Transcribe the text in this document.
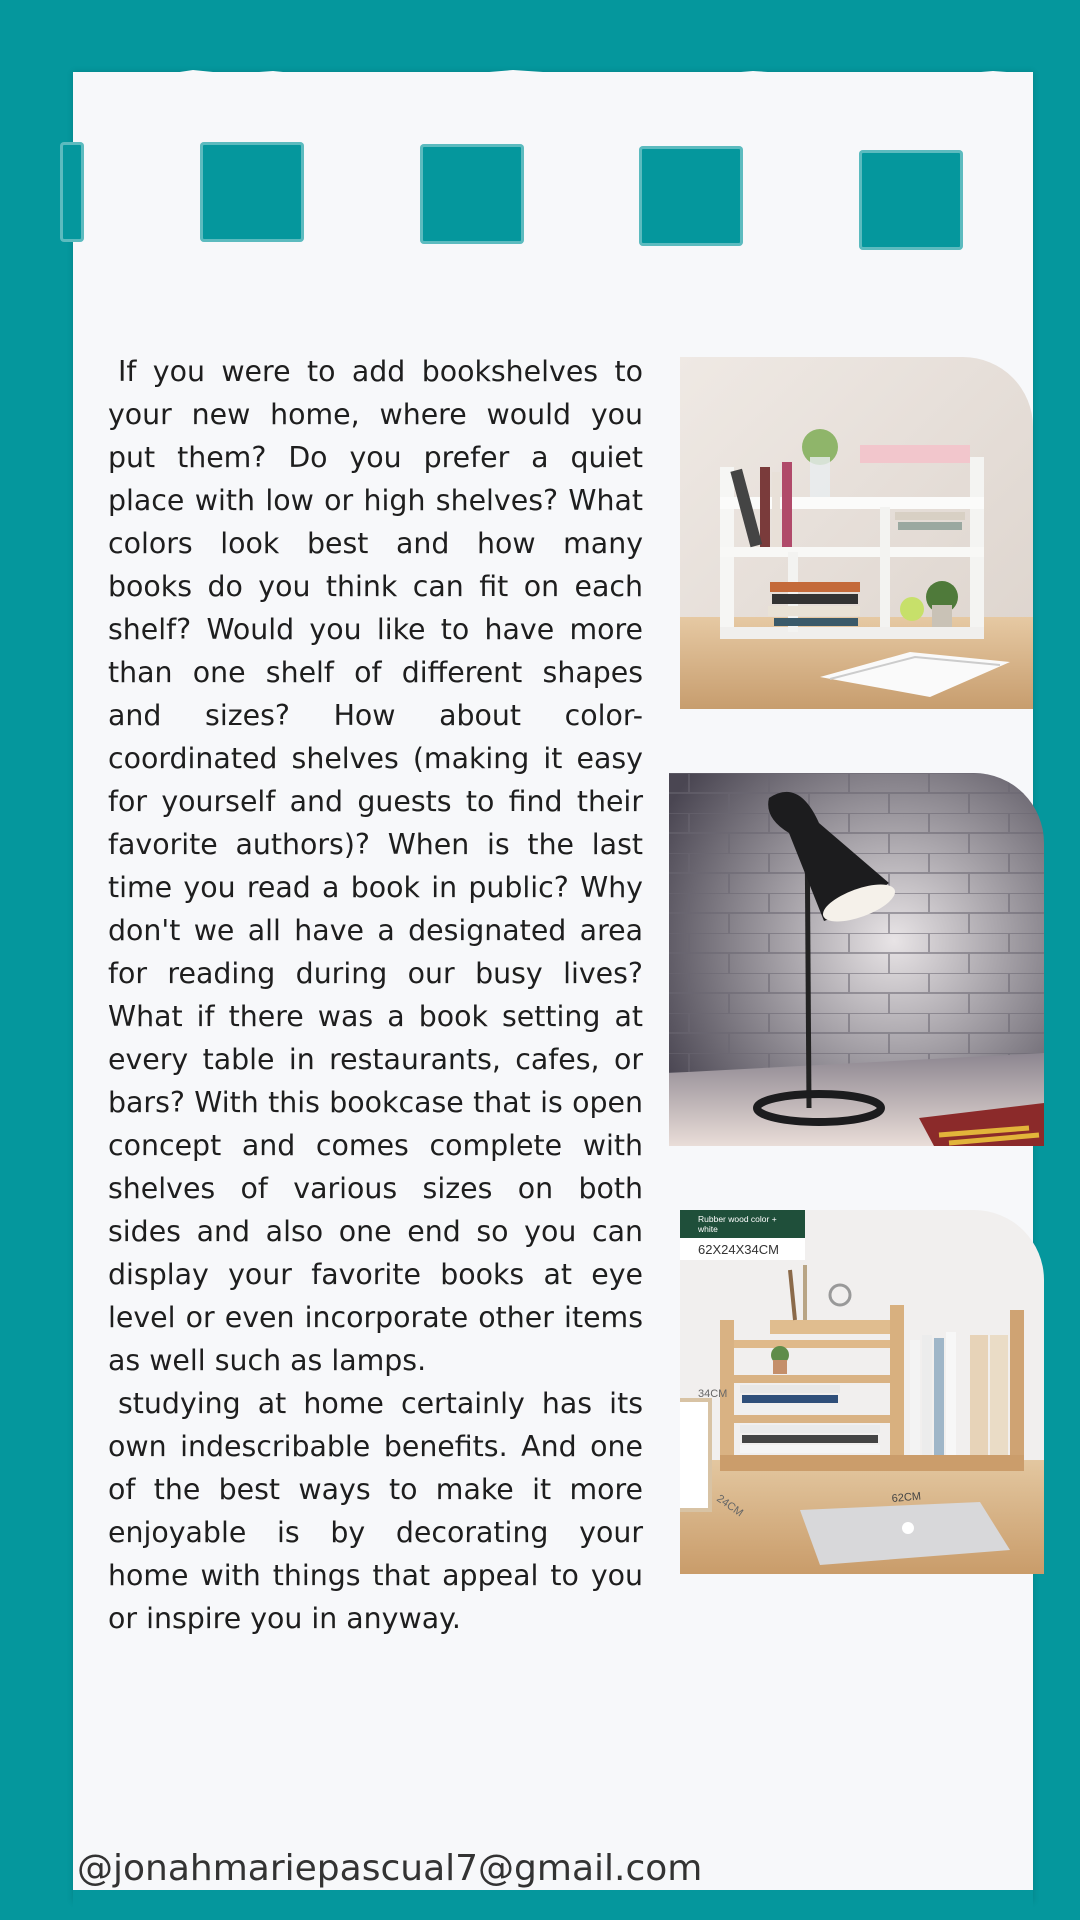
If you were to add bookshelves to your new home, where would you put them? Do you prefer a quiet place with low or high shelves? What colors look best and how many books do you think can fit on each shelf? Would you like to have more than one shelf of different shapes and sizes? How about color-coordinated shelves (making it easy for yourself and guests to find their favorite authors)? When is the last time you read a book in public? Why don't we all have a designated area for reading during our busy lives? What if there was a book setting at every table in restaurants, cafes, or bars? With this bookcase that is open concept and comes complete with shelves of various sizes on both sides and also one end so you can display your favorite books at eye level or even incorporate other items as well such as lamps.

studying at home certainly has its own indescribable benefits. And one of the best ways to make it more enjoyable is by decorating your home with things that appeal to you or inspire you in anyway.

Rubber wood color +
white
62X24X34CM
34CM
24CM	62CM
@jonahmariepascual7@gmail.com
